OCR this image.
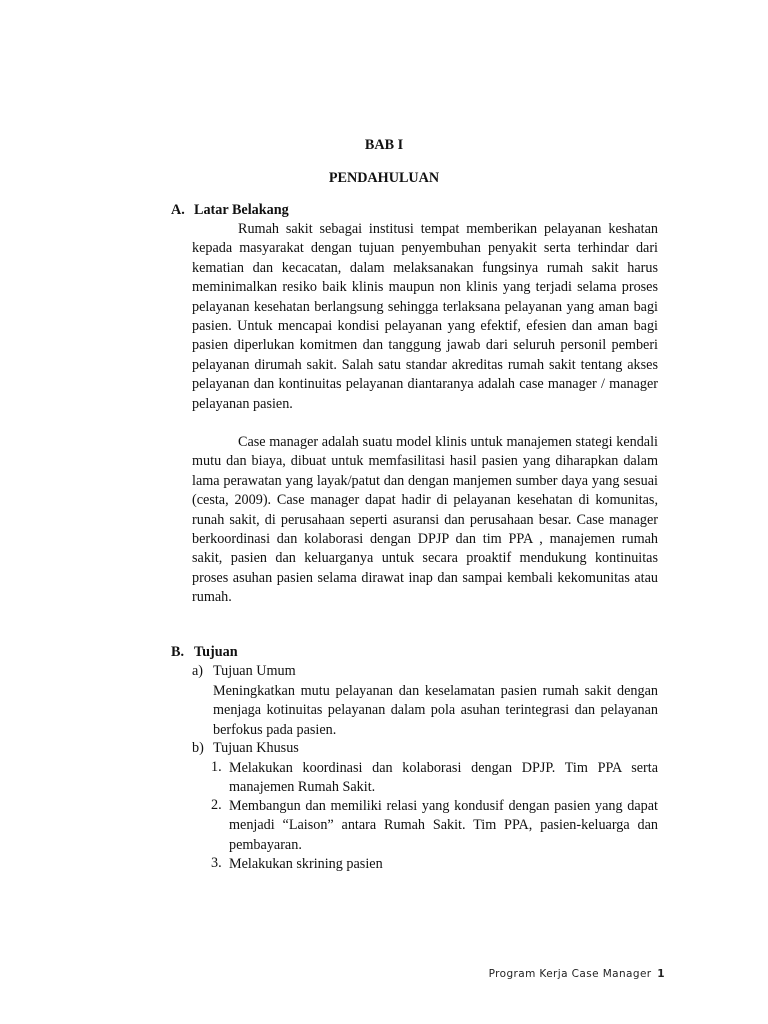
BAB I
PENDAHULUAN
A. Latar Belakang

Rumah sakit sebagai institusi tempat memberikan pelayanan keshatan kepada masyarakat dengan tujuan penyembuhan penyakit serta terhindar dari kematian dan kecacatan, dalam melaksanakan fungsinya rumah sakit harus meminimalkan resiko baik klinis maupun non klinis yang terjadi selama proses pelayanan kesehatan berlangsung sehingga terlaksana pelayanan yang aman bagi pasien. Untuk mencapai kondisi pelayanan yang efektif, efesien dan aman bagi pasien diperlukan komitmen dan tanggung jawab dari seluruh personil pemberi pelayanan dirumah sakit. Salah satu standar akreditas rumah sakit tentang akses pelayanan dan kontinuitas pelayanan diantaranya adalah case manager / manager pelayanan pasien.

Case manager adalah suatu model klinis untuk manajemen stategi kendali mutu dan biaya, dibuat untuk memfasilitasi hasil pasien yang diharapkan dalam lama perawatan yang layak/patut dan dengan manjemen sumber daya yang sesuai (cesta, 2009). Case manager dapat hadir di pelayanan kesehatan di komunitas, runah sakit, di perusahaan seperti asuransi dan perusahaan besar. Case manager berkoordinasi dan kolaborasi dengan DPJP dan tim PPA , manajemen rumah sakit, pasien dan keluarganya untuk secara proaktif mendukung kontinuitas proses asuhan pasien selama dirawat inap dan sampai kembali kekomunitas atau rumah.

B. Tujuan
a) Tujuan Umum

Meningkatkan mutu pelayanan dan keselamatan pasien rumah sakit dengan menjaga kotinuitas pelayanan dalam pola asuhan terintegrasi dan pelayanan berfokus pada pasien.

b) Tujuan Khusus
1. Melakukan koordinasi dan kolaborasi dengan DPJP. Tim PPA serta manajemen Rumah Sakit.
2. Membangun dan memiliki relasi yang kondusif dengan pasien yang dapat menjadi “Laison” antara Rumah Sakit. Tim PPA, pasien-keluarga dan pembayaran.
3. Melakukan skrining pasien
Program Kerja Case Manager 1
